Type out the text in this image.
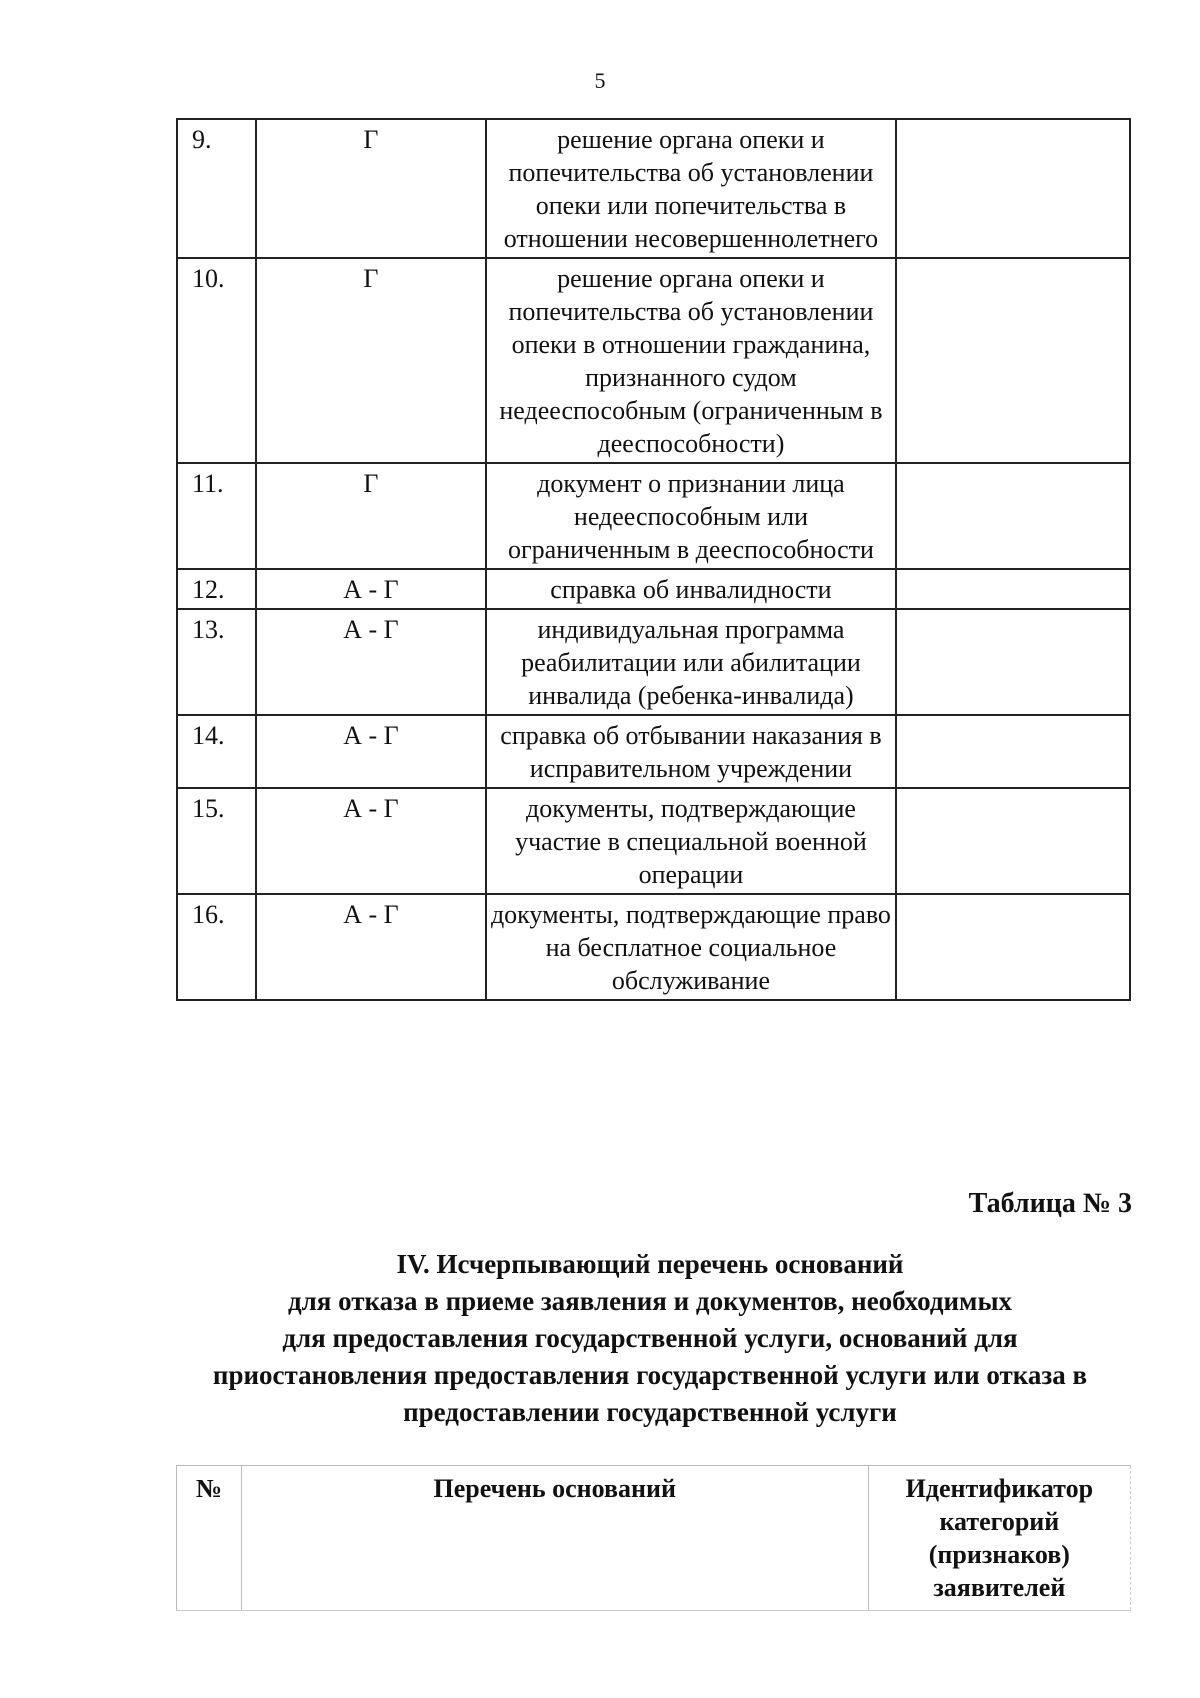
5
9.	Г	решение органа опеки и попечительства об установлении опеки или попечительства в отношении несовершеннолетнего	
10.	Г	решение органа опеки и попечительства об установлении опеки в отношении гражданина, признанного судом недееспособным (ограниченным в дееспособности)	
11.	Г	документ о признании лица недееспособным или ограниченным в дееспособности	
12.	А - Г	справка об инвалидности	
13.	А - Г	индивидуальная программа реабилитации или абилитации инвалида (ребенка-инвалида)	
14.	А - Г	справка об отбывании наказания в исправительном учреждении	
15.	А - Г	документы, подтверждающие участие в специальной военной операции	
16.	А - Г	документы, подтверждающие право на бесплатное социальное обслуживание	
Таблица № 3
IV. Исчерпывающий перечень оснований
для отказа в приеме заявления и документов, необходимых
для предоставления государственной услуги, оснований для
приостановления предоставления государственной услуги или отказа в
предоставлении государственной услуги
№	Перечень оснований	Идентификатор категорий (признаков) заявителей
